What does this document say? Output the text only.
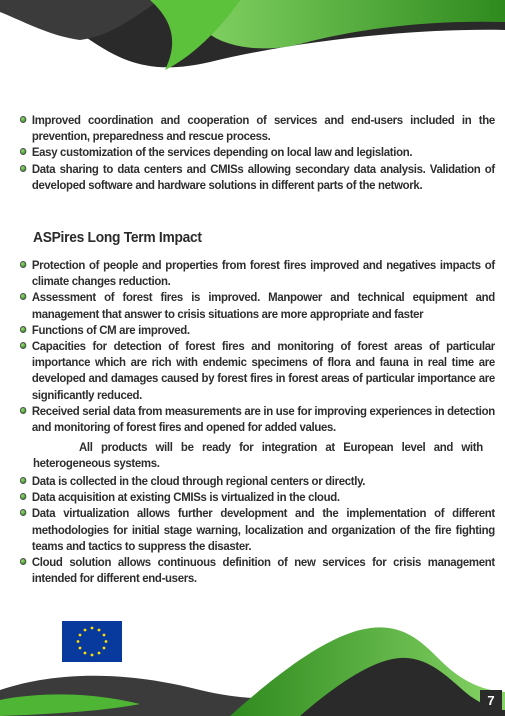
Improved coordination and cooperation of services and end-users included in the prevention, preparedness and rescue process.
Easy customization of the services depending on local law and legislation.
Data sharing to data centers and CMISs allowing secondary data analysis. Validation of developed software and hardware solutions in different parts of the network.
ASPires Long Term Impact
Protection of people and properties from forest fires improved and negatives impacts of climate changes reduction.
Assessment of forest fires is improved. Manpower and technical equipment and management that answer to crisis situations are more appropriate and faster
Functions of CM are improved.
Capacities for detection of forest fires and monitoring of forest areas of particular importance which are rich with endemic specimens of flora and fauna in real time are developed and damages caused by forest fires in forest areas of particular importance are significantly reduced.
Received serial data from measurements are in use for improving experiences in detection and monitoring of forest fires and opened for added values.
All products will be ready for integration at European level and with heterogeneous systems.
Data is collected in the cloud through regional centers or directly.
Data acquisition at existing CMISs is virtualized in the cloud.
Data virtualization allows further development and the implementation of different methodologies for initial stage warning, localization and organization of the fire fighting teams and tactics to suppress the disaster.
Cloud solution allows continuous definition of new services for crisis management intended for different end-users.
7
